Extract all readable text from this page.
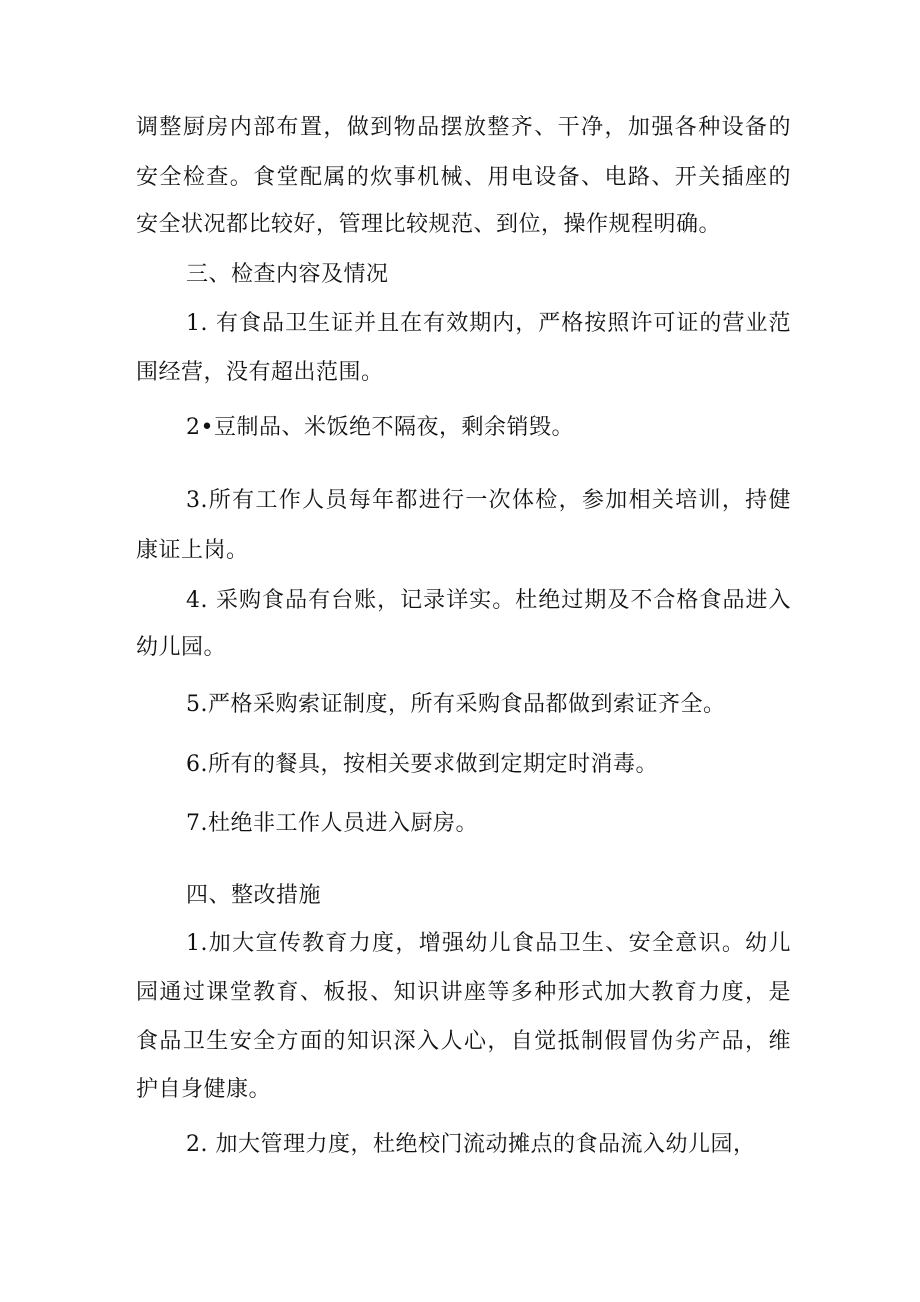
调整厨房内部布置，做到物品摆放整齐、干净，加强各种设备的

安全检查。食堂配属的炊事机械、用电设备、电路、开关插座的

安全状况都比较好，管理比较规范、到位，操作规程明确。

三、检查内容及情况

1. 有食品卫生证并且在有效期内，严格按照许可证的营业范

围经营，没有超出范围。

2•豆制品、米饭绝不隔夜，剩余销毁。

3.所有工作人员每年都进行一次体检，参加相关培训，持健

康证上岗。

4. 采购食品有台账，记录详实。杜绝过期及不合格食品进入

幼儿园。

5.严格采购索证制度，所有采购食品都做到索证齐全。

6.所有的餐具，按相关要求做到定期定时消毒。

7.杜绝非工作人员进入厨房。

四、整改措施

1.加大宣传教育力度，增强幼儿食品卫生、安全意识。幼儿

园通过课堂教育、板报、知识讲座等多种形式加大教育力度，是

食品卫生安全方面的知识深入人心，自觉抵制假冒伪劣产品，维

护自身健康。

2. 加大管理力度，杜绝校门流动摊点的食品流入幼儿园，
